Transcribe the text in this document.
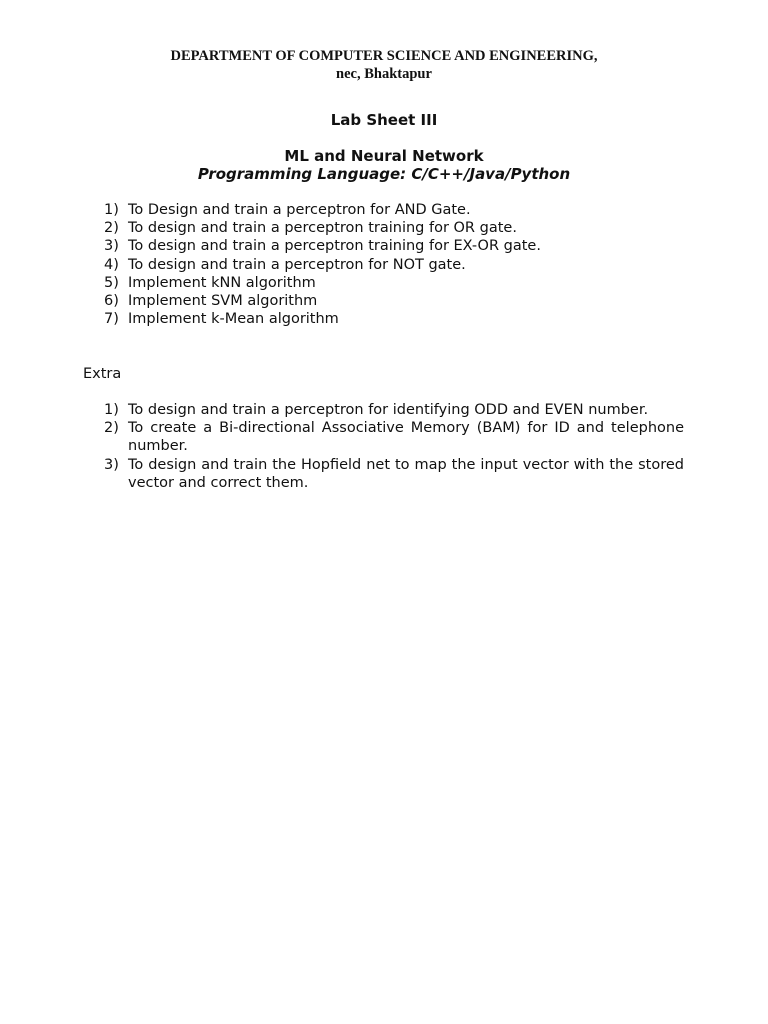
DEPARTMENT OF COMPUTER SCIENCE AND ENGINEERING,
nec, Bhaktapur
Lab Sheet III
ML and Neural Network
Programming Language: C/C++/Java/Python
1) To Design and train a perceptron for AND Gate.
2) To design and train a perceptron training for OR gate.
3) To design and train a perceptron training for EX-OR gate.
4) To design and train a perceptron for NOT gate.
5) Implement kNN algorithm
6) Implement SVM algorithm
7) Implement k-Mean algorithm
Extra
1) To design and train a perceptron for identifying ODD and EVEN number.
2) To create a Bi-directional Associative Memory (BAM) for ID and telephone number.
3) To design and train the Hopfield net to map the input vector with the stored vector and correct them.
